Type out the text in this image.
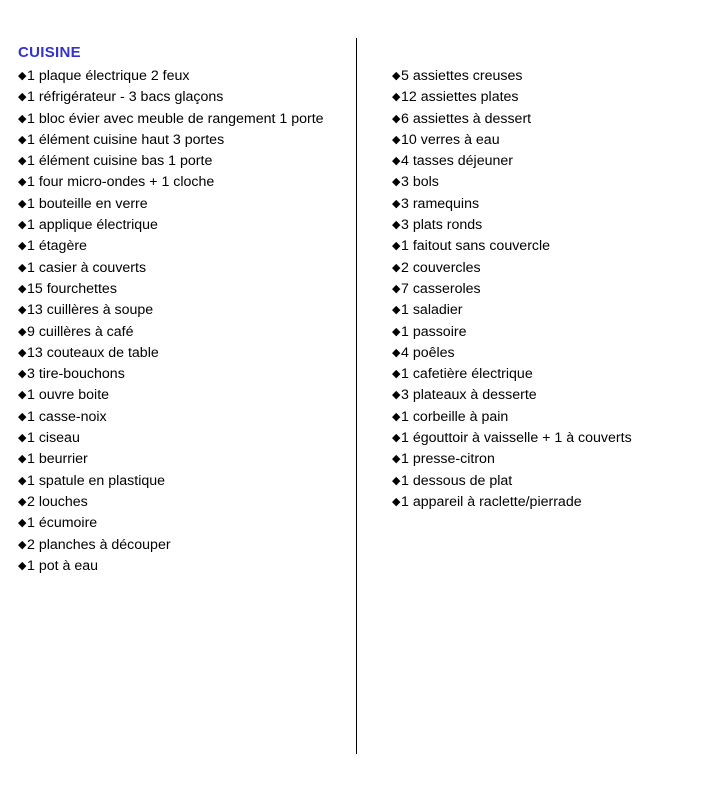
CUISINE
◆ 1 plaque électrique 2 feux
◆ 1 réfrigérateur - 3 bacs glaçons
◆ 1 bloc évier avec meuble de rangement 1 porte
◆ 1 élément cuisine haut 3 portes
◆ 1 élément cuisine bas 1 porte
◆ 1 four micro-ondes + 1 cloche
◆ 1 bouteille en verre
◆ 1 applique électrique
◆ 1 étagère
◆ 1 casier à couverts
◆ 15 fourchettes
◆ 13 cuillères à soupe
◆ 9 cuillères à café
◆ 13 couteaux de table
◆ 3 tire-bouchons
◆ 1 ouvre boite
◆ 1 casse-noix
◆ 1 ciseau
◆ 1 beurrier
◆ 1 spatule en plastique
◆ 2 louches
◆ 1 écumoire
◆ 2 planches à découper
◆ 1 pot à eau
◆ 5 assiettes creuses
◆ 12 assiettes plates
◆ 6 assiettes à dessert
◆ 10 verres à eau
◆ 4 tasses déjeuner
◆ 3 bols
◆ 3 ramequins
◆ 3 plats ronds
◆ 1 faitout sans couvercle
◆ 2 couvercles
◆ 7 casseroles
◆ 1 saladier
◆ 1 passoire
◆ 4 poêles
◆ 1 cafetière électrique
◆ 3 plateaux à desserte
◆ 1 corbeille à pain
◆ 1 égouttoir à vaisselle + 1 à couverts
◆ 1 presse-citron
◆ 1 dessous de plat
◆ 1 appareil à raclette/pierrade
